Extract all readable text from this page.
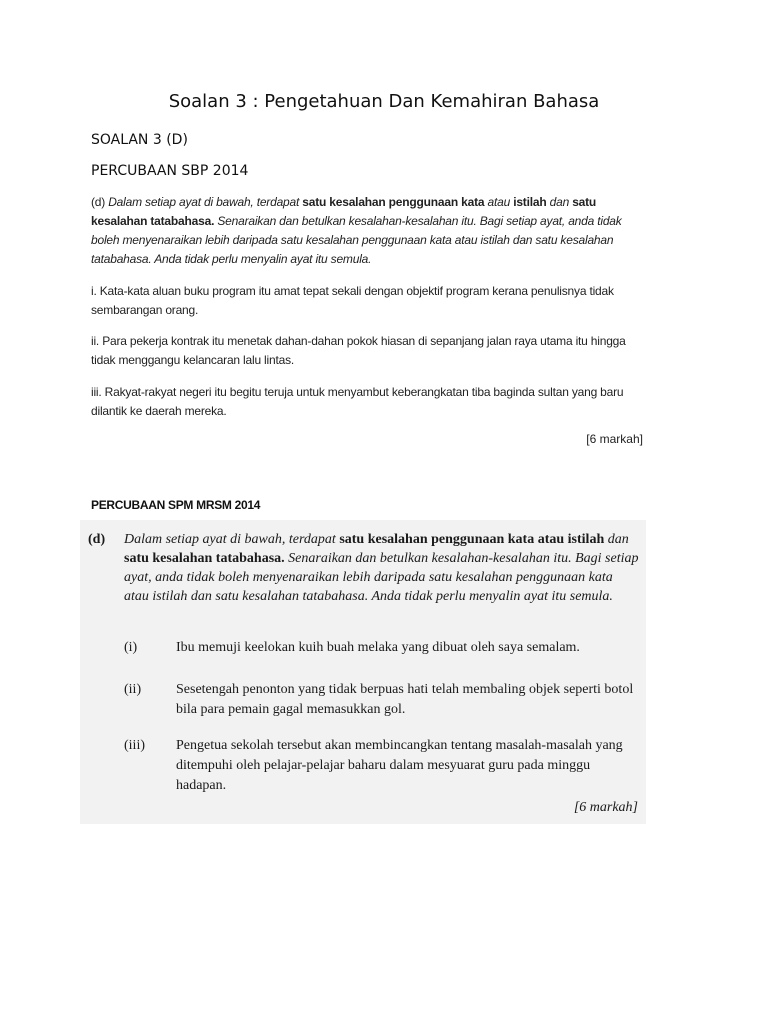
Soalan 3 : Pengetahuan Dan Kemahiran Bahasa
SOALAN 3 (D)
PERCUBAAN SBP 2014
(d) Dalam setiap ayat di bawah, terdapat satu kesalahan penggunaan kata atau istilah dan satu kesalahan tatabahasa. Senaraikan dan betulkan kesalahan-kesalahan itu. Bagi setiap ayat, anda tidak boleh menyenaraikan lebih daripada satu kesalahan penggunaan kata atau istilah dan satu kesalahan tatabahasa. Anda tidak perlu menyalin ayat itu semula.
i. Kata-kata aluan buku program itu amat tepat sekali dengan objektif program kerana penulisnya tidak sembarangan orang.
ii. Para pekerja kontrak itu menetak dahan-dahan pokok hiasan di sepanjang jalan raya utama itu hingga tidak menggangu kelancaran lalu lintas.
iii. Rakyat-rakyat negeri itu begitu teruja untuk menyambut keberangkatan tiba baginda sultan yang baru dilantik ke daerah mereka.
[6 markah]
PERCUBAAN SPM MRSM 2014
(d) Dalam setiap ayat di bawah, terdapat satu kesalahan penggunaan kata atau istilah dan satu kesalahan tatabahasa. Senaraikan dan betulkan kesalahan-kesalahan itu. Bagi setiap ayat, anda tidak boleh menyenaraikan lebih daripada satu kesalahan penggunaan kata atau istilah dan satu kesalahan tatabahasa. Anda tidak perlu menyalin ayat itu semula.
(i)	Ibu memuji keelokan kuih buah melaka yang dibuat oleh saya semalam.
(ii) Sesetengah penonton yang tidak berpuas hati telah membaling objek seperti botol bila para pemain gagal memasukkan gol.
(iii) Pengetua sekolah tersebut akan membincangkan tentang masalah-masalah yang ditempuhi oleh pelajar-pelajar baharu dalam mesyuarat guru pada minggu hadapan.
[6 markah]
